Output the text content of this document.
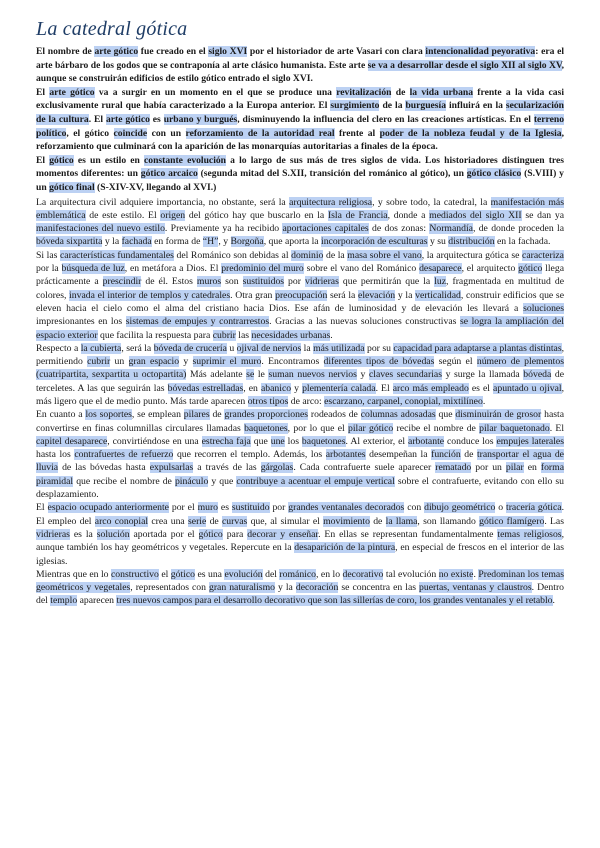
La catedral gótica

El nombre de arte gótico fue creado en el siglo XVI por el historiador de arte Vasari con clara intencionalidad peyorativa: era el arte bárbaro de los godos que se contraponía al arte clásico humanista. Este arte se va a desarrollar desde el siglo XII al siglo XV, aunque se construirán edificios de estilo gótico entrado el siglo XVI.

El arte gótico va a surgir en un momento en el que se produce una revitalización de la vida urbana frente a la vida casi exclusivamente rural que había caracterizado a la Europa anterior. El surgimiento de la burguesía influirá en la secularización de la cultura. El arte gótico es urbano y burgués, disminuyendo la influencia del clero en las creaciones artísticas. En el terreno político, el gótico coincide con un reforzamiento de la autoridad real frente al poder de la nobleza feudal y de la Iglesia, reforzamiento que culminará con la aparición de las monarquías autoritarias a finales de la época.

El gótico es un estilo en constante evolución a lo largo de sus más de tres siglos de vida. Los historiadores distinguen tres momentos diferentes: un gótico arcaico (segunda mitad del S.XII, transición del románico al gótico), un gótico clásico (S.VIII) y un gótico final (S-XIV-XV, llegando al XVI.)

La arquitectura civil adquiere importancia, no obstante, será la arquitectura religiosa, y sobre todo, la catedral, la manifestación más emblemática de este estilo. El origen del gótico hay que buscarlo en la Isla de Francia, donde a mediados del siglo XII se dan ya manifestaciones del nuevo estilo. Previamente ya ha recibido aportaciones capitales de dos zonas: Normandía, de donde proceden la bóveda sixpartita y la fachada en forma de “H”, y Borgoña, que aporta la incorporación de esculturas y su distribución en la fachada.

Si las características fundamentales del Románico son debidas al dominio de la masa sobre el vano, la arquitectura gótica se caracteriza por la búsqueda de luz, en metáfora a Dios. El predominio del muro sobre el vano del Románico desaparece, el arquitecto gótico llega prácticamente a prescindir de él. Estos muros son sustituidos por vidrieras que permitirán que la luz, fragmentada en multitud de colores, invada el interior de templos y catedrales. Otra gran preocupación será la elevación y la verticalidad, construir edificios que se eleven hacia el cielo como el alma del cristiano hacia Dios. Ese afán de luminosidad y de elevación les llevará a soluciones impresionantes en los sistemas de empujes y contrarrestos. Gracias a las nuevas soluciones constructivas se logra la ampliación del espacio exterior que facilita la respuesta para cubrir las necesidades urbanas.

Respecto a la cubierta, será la bóveda de crucería u ojival de nervios la más utilizada por su capacidad para adaptarse a plantas distintas, permitiendo cubrir un gran espacio y suprimir el muro. Encontramos diferentes tipos de bóvedas según el número de plementos (cuatripartita, sexpartita u octopartita) Más adelante se le suman nuevos nervios y claves secundarias y surge la llamada bóveda de terceletes. A las que seguirán las bóvedas estrelladas, en abanico y plementería calada. El arco más empleado es el apuntado u ojival, más ligero que el de medio punto. Más tarde aparecen otros tipos de arco: escarzano, carpanel, conopial, mixtilíneo.

En cuanto a los soportes, se emplean pilares de grandes proporciones rodeados de columnas adosadas que disminuirán de grosor hasta convertirse en finas columnillas circulares llamadas baquetones, por lo que el pilar gótico recibe el nombre de pilar baquetonado. El capitel desaparece, convirtiéndose en una estrecha faja que une los baquetones. Al exterior, el arbotante conduce los empujes laterales hasta los contrafuertes de refuerzo que recorren el templo. Además, los arbotantes desempeñan la función de transportar el agua de lluvia de las bóvedas hasta expulsarlas a través de las gárgolas. Cada contrafuerte suele aparecer rematado por un pilar en forma piramidal que recibe el nombre de pináculo y que contribuye a acentuar el empuje vertical sobre el contrafuerte, evitando con ello su desplazamiento.

El espacio ocupado anteriormente por el muro es sustituido por grandes ventanales decorados con dibujo geométrico o tracería gótica. El empleo del arco conopial crea una serie de curvas que, al simular el movimiento de la llama, son llamando gótico flamígero. Las vidrieras es la solución aportada por el gótico para decorar y enseñar. En ellas se representan fundamentalmente temas religiosos, aunque también los hay geométricos y vegetales. Repercute en la desaparición de la pintura, en especial de frescos en el interior de las iglesias.

Mientras que en lo constructivo el gótico es una evolución del románico, en lo decorativo tal evolución no existe. Predominan los temas geométricos y vegetales, representados con gran naturalismo y la decoración se concentra en las puertas, ventanas y claustros. Dentro del templo aparecen tres nuevos campos para el desarrollo decorativo que son las sillerías de coro, los grandes ventanales y el retablo.
